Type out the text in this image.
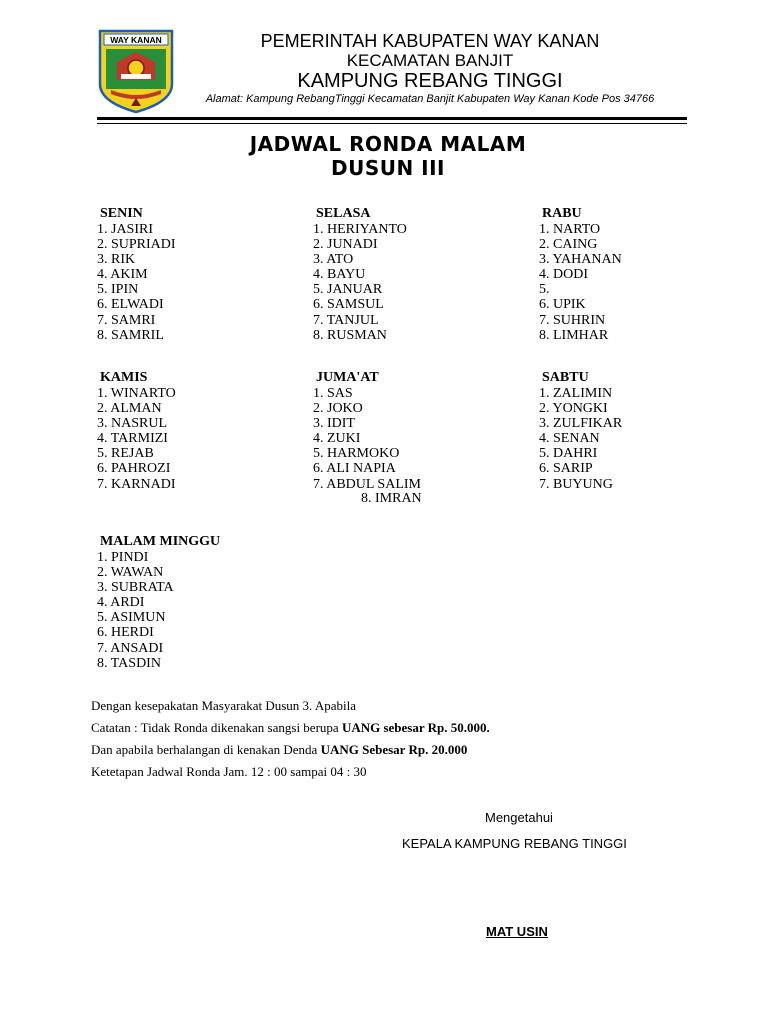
WAY KANAN	PEMERINTAH KABUPATEN WAY KANAN
KECAMATAN BANJIT
KAMPUNG REBANG TINGGI
Alamat: Kampung RebangTinggi Kecamatan Banjit Kabupaten Way Kanan Kode Pos 34766
JADWAL RONDA MALAM
DUSUN III
SENIN
1. JASIRI
2. SUPRIADI
3. RIK
4. AKIM
5. IPIN
6. ELWADI
7. SAMRI
8. SAMRIL
SELASA
1. HERIYANTO
2. JUNADI
3. ATO
4. BAYU
5. JANUAR
6. SAMSUL
7. TANJUL
8. RUSMAN
RABU
1. NARTO
2. CAING
3. YAHANAN
4. DODI
5.
6. UPIK
7. SUHRIN
8. LIMHAR
KAMIS
1. WINARTO
2. ALMAN
3. NASRUL
4. TARMIZI
5. REJAB
6. PAHROZI
7. KARNADI
JUMA'AT
1. SAS
2. JOKO
3. IDIT
4. ZUKI
5. HARMOKO
6. ALI NAPIA
7. ABDUL SALIM
8. IMRAN
SABTU
1. ZALIMIN
2. YONGKI
3. ZULFIKAR
4. SENAN
5. DAHRI
6. SARIP
7. BUYUNG
MALAM MINGGU
1. PINDI
2. WAWAN
3. SUBRATA
4. ARDI
5. ASIMUN
6. HERDI
7. ANSADI
8. TASDIN
Dengan kesepakatan Masyarakat Dusun 3. Apabila
Catatan : Tidak Ronda dikenakan sangsi berupa UANG sebesar Rp. 50.000.
Dan apabila berhalangan di kenakan Denda UANG Sebesar Rp. 20.000
Ketetapan Jadwal Ronda Jam. 12 : 00 sampai 04 : 30
Mengetahui
KEPALA KAMPUNG REBANG TINGGI
MAT USIN
